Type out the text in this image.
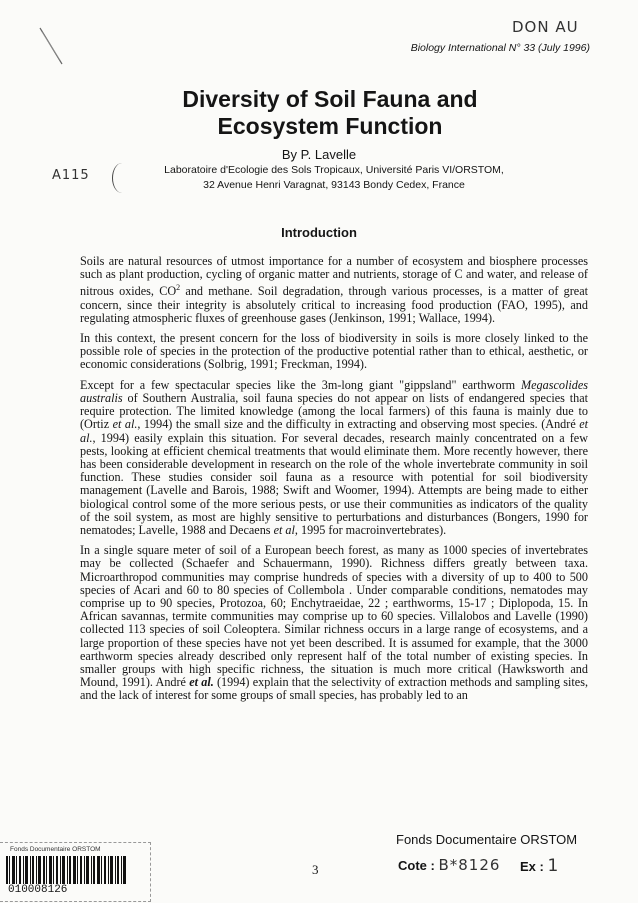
DON AU
A115
Biology International N° 33 (July 1996)
Diversity of Soil Fauna and
Ecosystem Function
By P. Lavelle
Laboratoire d'Ecologie des Sols Tropicaux, Université Paris VI/ORSTOM,
32 Avenue Henri Varagnat, 93143 Bondy Cedex, France
Introduction

Soils are natural resources of utmost importance for a number of ecosystem and biosphere processes such as plant production, cycling of organic matter and nutrients, storage of C and water, and release of nitrous oxides, $CO^2$ and methane. Soil degradation, through various processes, is a matter of great concern, since their integrity is absolutely critical to increasing food production (FAO, 1995), and regulating atmospheric fluxes of greenhouse gases (Jenkinson, 1991; Wallace, 1994).

In this context, the present concern for the loss of biodiversity in soils is more closely linked to the possible role of species in the protection of the productive potential rather than to ethical, aesthetic, or economic considerations (Solbrig, 1991; Freckman, 1994).

Except for a few spectacular species like the 3m-long giant "gippsland" earthworm Megascolides australis of Southern Australia, soil fauna species do not appear on lists of endangered species that require protection. The limited knowledge (among the local farmers) of this fauna is mainly due to (Ortiz et al., 1994) the small size and the difficulty in extracting and observing most species. (André et al., 1994) easily explain this situation. For several decades, research mainly concentrated on a few pests, looking at efficient chemical treatments that would eliminate them. More recently however, there has been considerable development in research on the role of the whole invertebrate community in soil function. These studies consider soil fauna as a resource with potential for soil biodiversity management (Lavelle and Barois, 1988; Swift and Woomer, 1994). Attempts are being made to either biological control some of the more serious pests, or use their communities as indicators of the quality of the soil system, as most are highly sensitive to perturbations and disturbances (Bongers, 1990 for nematodes; Lavelle, 1988 and Decaens et al, 1995 for macroinvertebrates).

In a single square meter of soil of a European beech forest, as many as 1000 species of invertebrates may be collected (Schaefer and Schauermann, 1990). Richness differs greatly between taxa. Microarthropod communities may comprise hundreds of species with a diversity of up to 400 to 500 species of Acari and 60 to 80 species of Collembola . Under comparable conditions, nematodes may comprise up to 90 species, Protozoa, 60; Enchytraeidae, 22 ; earthworms, 15-17 ; Diplopoda, 15. In African savannas, termite communities may comprise up to 60 species. Villalobos and Lavelle (1990) collected 113 species of soil Coleoptera. Similar richness occurs in a large range of ecosystems, and a large proportion of these species have not yet been described. It is assumed for example, that the 3000 earthworm species already described only represent half of the total number of existing species. In smaller groups with high specific richness, the situation is much more critical (Hawksworth and Mound, 1991). André et al. (1994) explain that the selectivity of extraction methods and sampling sites, and the lack of interest for some groups of small species, has probably led to an

Fonds Documentaire ORSTOM
010008126
3
Fonds Documentaire ORSTOM
Cote : B*8126 Ex : 1
